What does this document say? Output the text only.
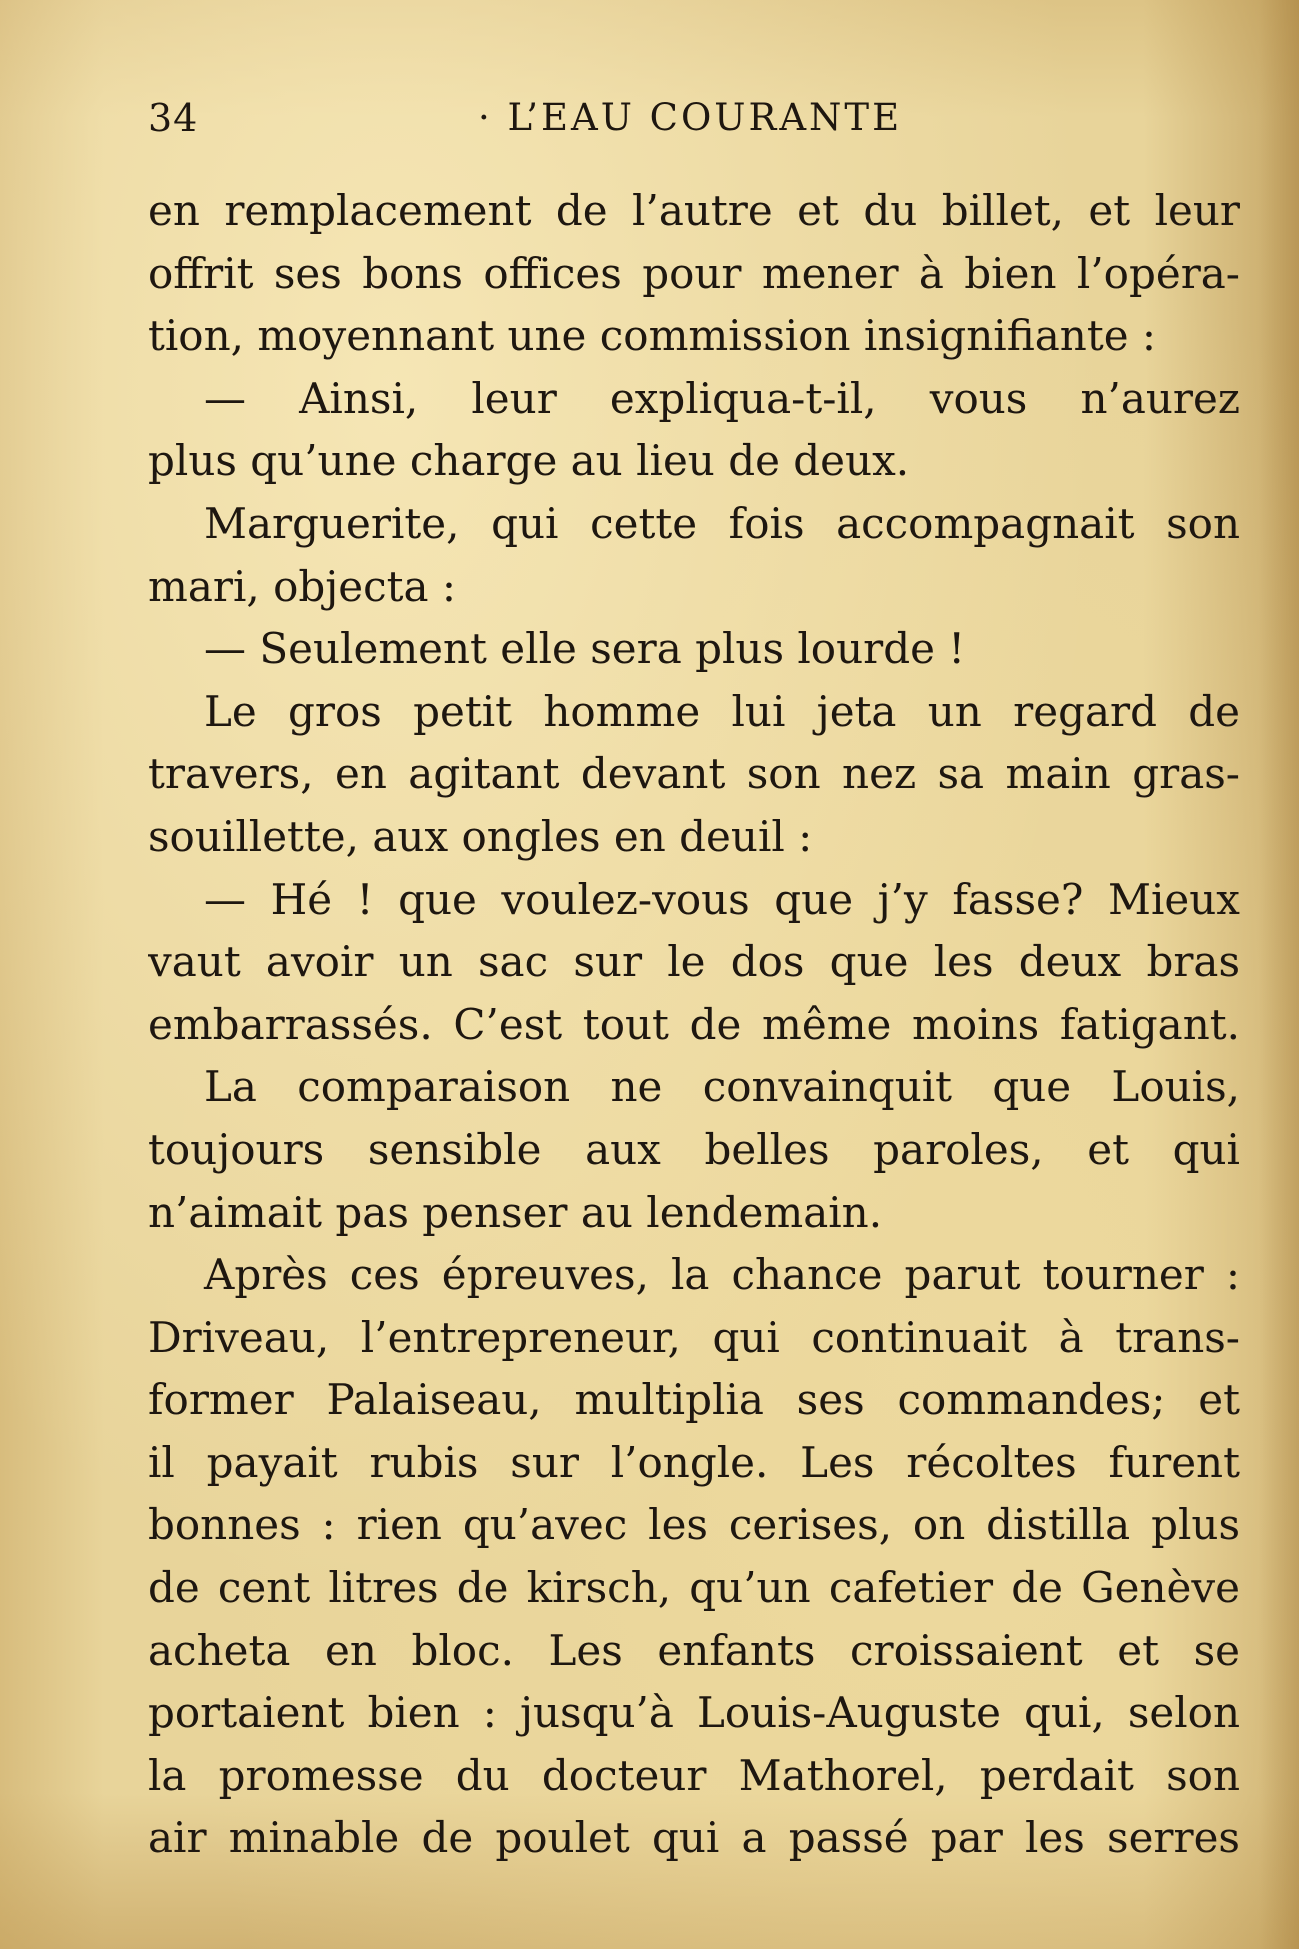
34	· L’EAU COURANTE
en remplacement de l’autre et du billet, et leur
offrit ses bons offices pour mener à bien l’opéra-
tion, moyennant une commission insignifiante :
— Ainsi, leur expliqua-t-il, vous n’aurez
plus qu’une charge au lieu de deux.
Marguerite, qui cette fois accompagnait son
mari, objecta :
— Seulement elle sera plus lourde !
Le gros petit homme lui jeta un regard de
travers, en agitant devant son nez sa main gras-
souillette, aux ongles en deuil :
— Hé ! que voulez-vous que j’y fasse? Mieux
vaut avoir un sac sur le dos que les deux bras
embarrassés. C’est tout de même moins fatigant.
La comparaison ne convainquit que Louis,
toujours sensible aux belles paroles, et qui
n’aimait pas penser au lendemain.
Après ces épreuves, la chance parut tourner :
Driveau, l’entrepreneur, qui continuait à trans-
former Palaiseau, multiplia ses commandes; et
il payait rubis sur l’ongle. Les récoltes furent
bonnes : rien qu’avec les cerises, on distilla plus
de cent litres de kirsch, qu’un cafetier de Genève
acheta en bloc. Les enfants croissaient et se
portaient bien : jusqu’à Louis-Auguste qui, selon
la promesse du docteur Mathorel, perdait son
air minable de poulet qui a passé par les serres
